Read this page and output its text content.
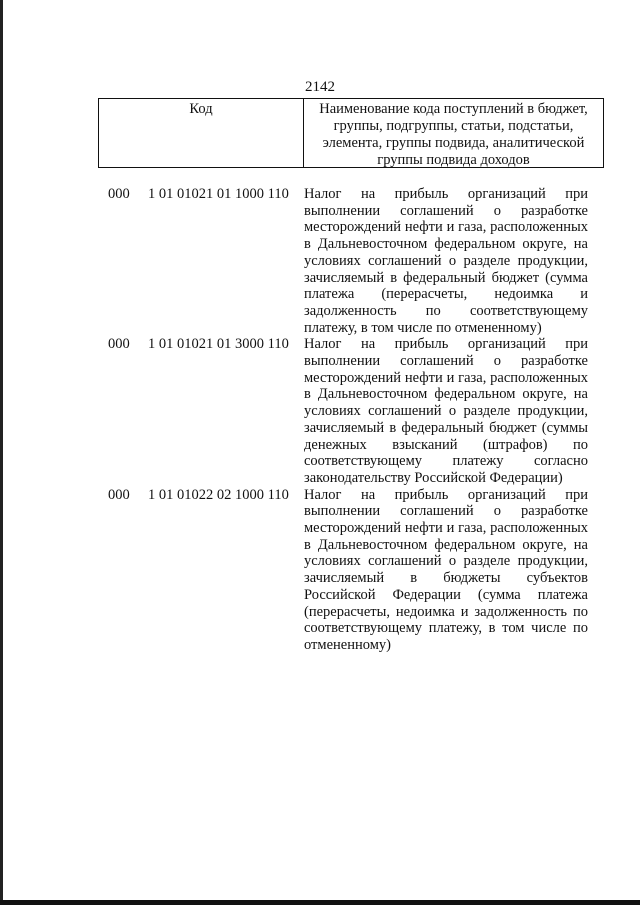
2142
Код	Наименование кода поступлений в бюджет, группы, подгруппы, статьи, подстатьи, элемента, группы подвида, аналитической группы подвида доходов
000	1 01 01021 01 1000 110	Налог на прибыль организаций при выполнении соглашений о разработке месторождений нефти и газа, расположенных в Дальневосточном федеральном округе, на условиях соглашений о разделе продукции, зачисляемый в федеральный бюджет (сумма платежа (перерасчеты, недоимка и задолженность по соответствующему платежу, в том числе по отмененному)
000	1 01 01021 01 3000 110	Налог на прибыль организаций при выполнении соглашений о разработке месторождений нефти и газа, расположенных в Дальневосточном федеральном округе, на условиях соглашений о разделе продукции, зачисляемый в федеральный бюджет (суммы денежных взысканий (штрафов) по соответствующему платежу согласно законодательству Российской Федерации)
000	1 01 01022 02 1000 110	Налог на прибыль организаций при выполнении соглашений о разработке месторождений нефти и газа, расположенных в Дальневосточном федеральном округе, на условиях соглашений о разделе продукции, зачисляемый в бюджеты субъектов Российской Федерации (сумма платежа (перерасчеты, недоимка и задолженность по соответствующему платежу, в том числе по отмененному)
